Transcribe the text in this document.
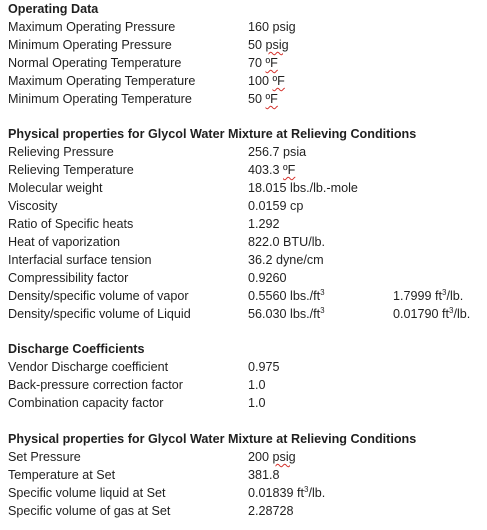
Operating Data
Maximum Operating Pressure	160 psig
Minimum Operating Pressure	50 psig
Normal Operating Temperature	70 ºF
Maximum Operating Temperature	100 ºF
Minimum Operating Temperature	50 ºF
Physical properties for Glycol Water Mixture at Relieving Conditions
Relieving Pressure	256.7 psia
Relieving Temperature	403.3 ºF
Molecular weight	18.015 lbs./lb.-mole
Viscosity	0.0159 cp
Ratio of Specific heats	1.292
Heat of vaporization	822.0 BTU/lb.
Interfacial surface tension	36.2 dyne/cm
Compressibility factor	0.9260
Density/specific volume of vapor	0.5560 $lbs./ft^3$	1.7999 $ft^3/lb$.
Density/specific volume of Liquid	56.030 $lbs./ft^3$	0.01790 $ft^3/lb$.
Discharge Coefficients
Vendor Discharge coefficient	0.975
Back-pressure correction factor	1.0
Combination capacity factor	1.0
Physical properties for Glycol Water Mixture at Relieving Conditions
Set Pressure	200 psig
Temperature at Set	381.8
Specific volume liquid at Set	0.01839 $ft^3/lb$.
Specific volume of gas at Set	2.28728
